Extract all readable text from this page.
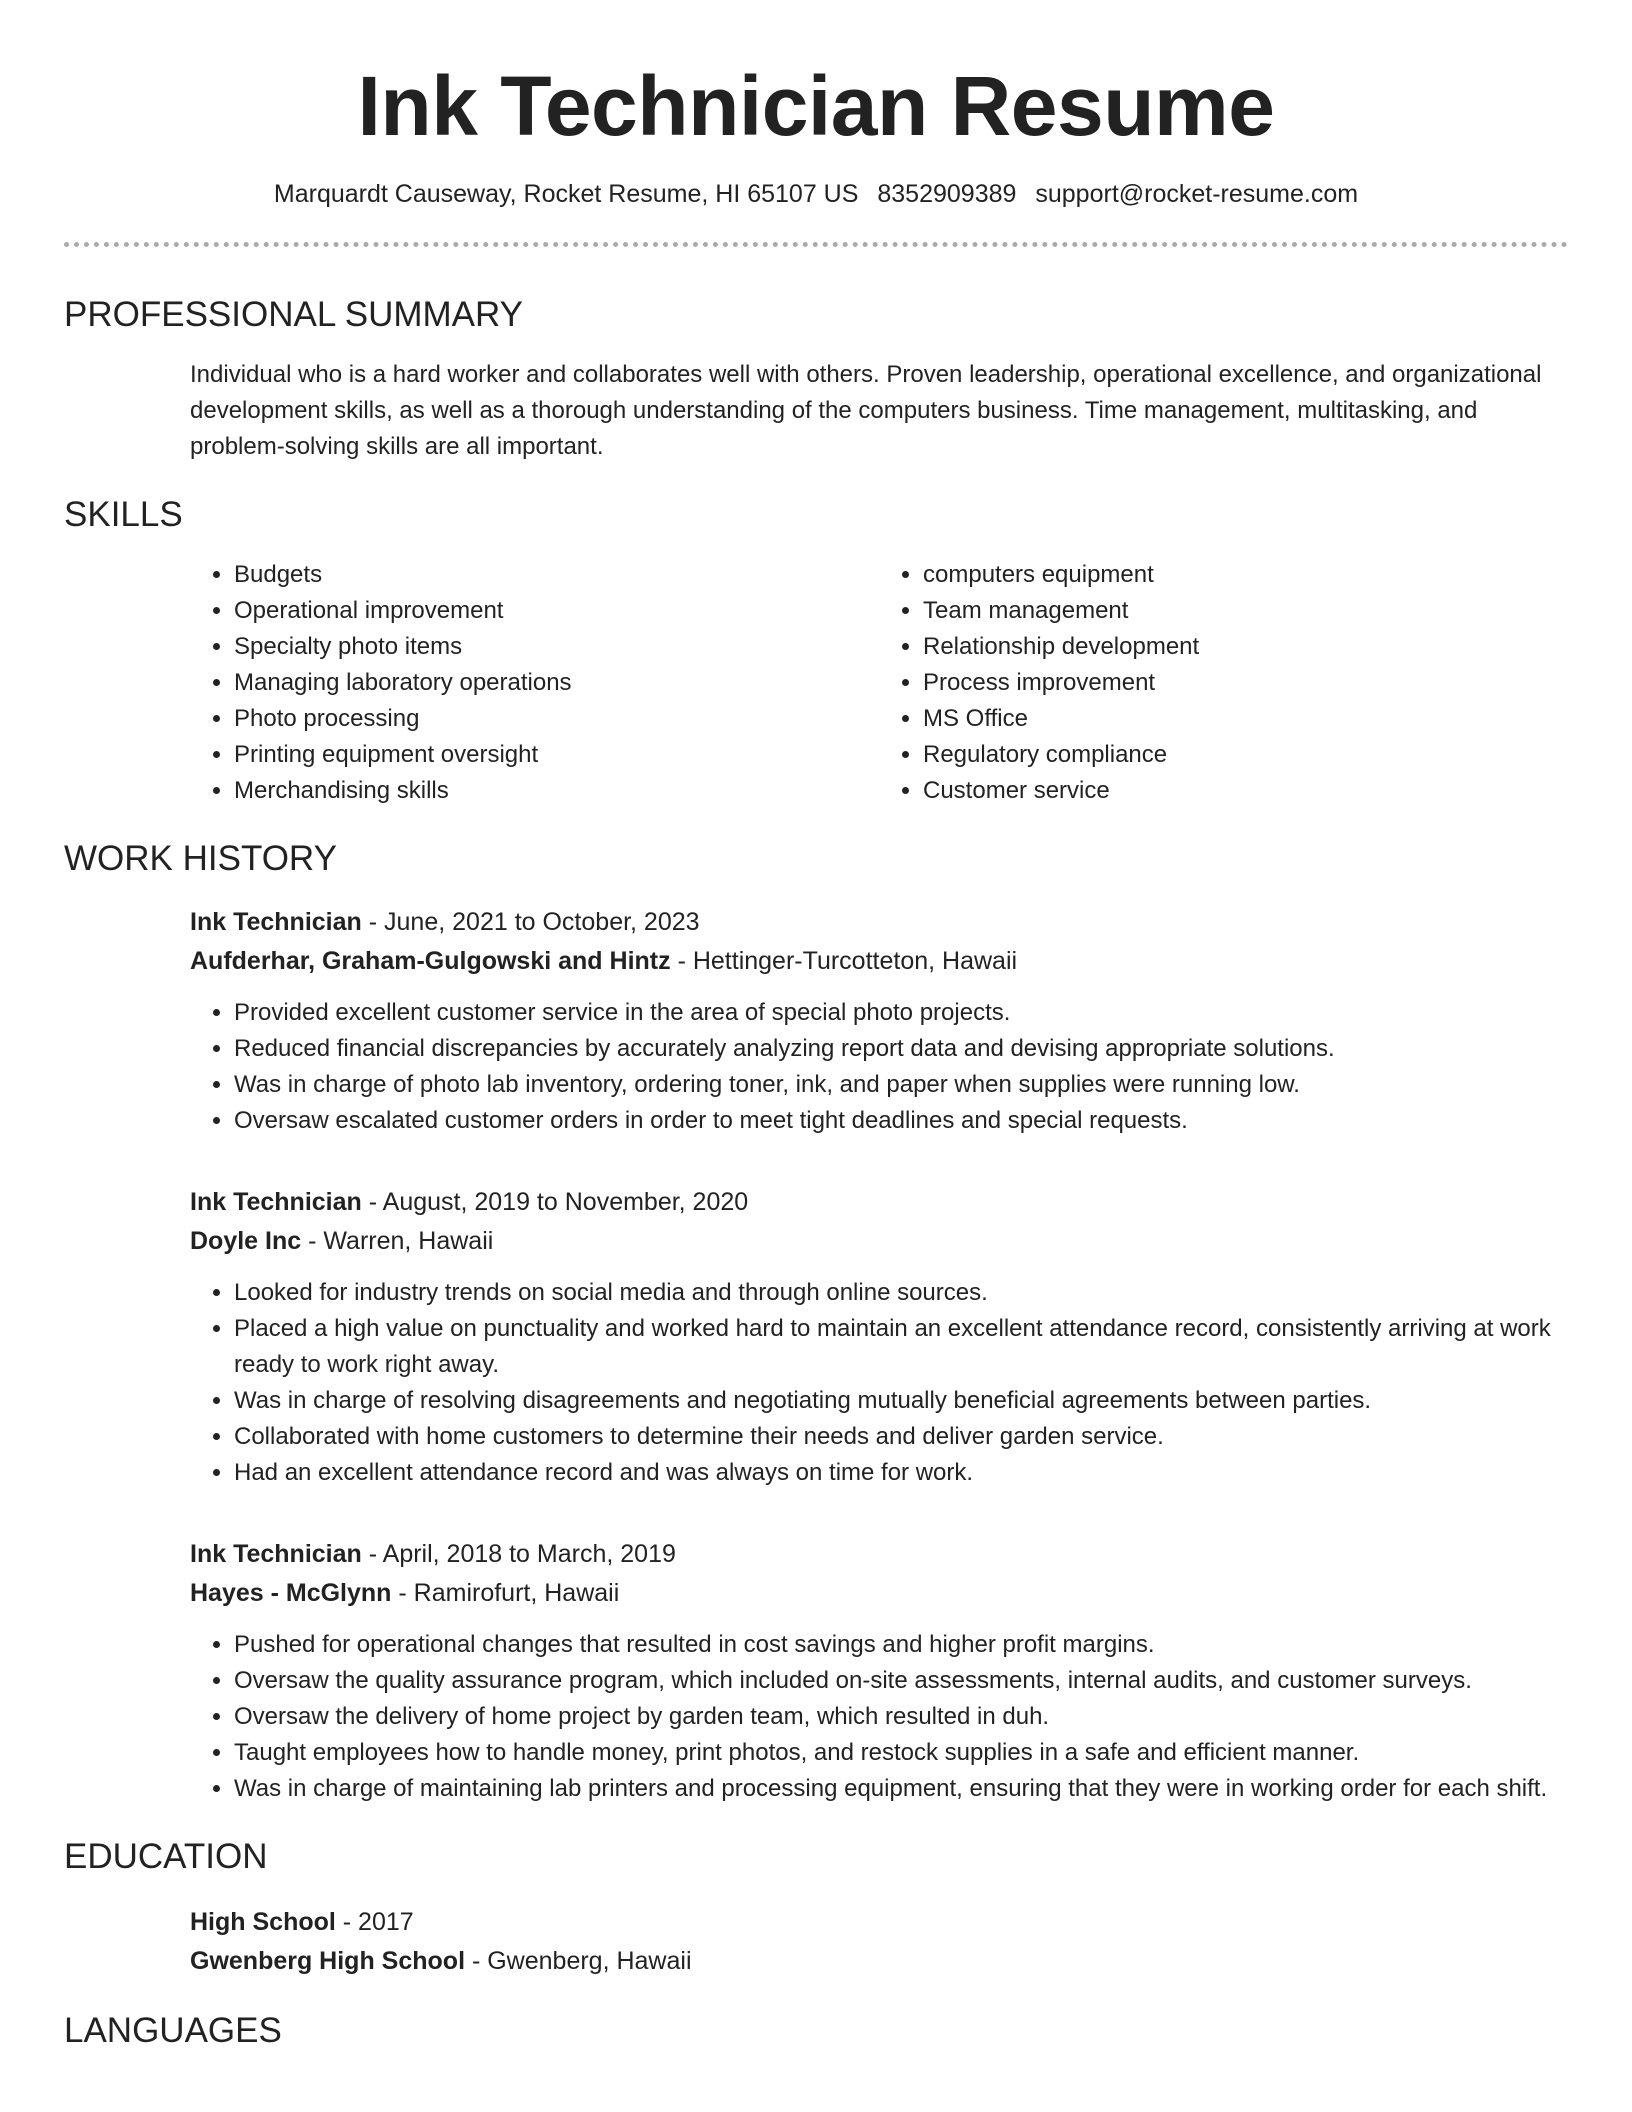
Ink Technician Resume
Marquardt Causeway, Rocket Resume, HI 65107 US 8352909389 support@rocket-resume.com
PROFESSIONAL SUMMARY

Individual who is a hard worker and collaborates well with others. Proven leadership, operational excellence, and organizational development skills, as well as a thorough understanding of the computers business. Time management, multitasking, and problem-solving skills are all important.

SKILLS
• Budgets
• Operational improvement
• Specialty photo items
• Managing laboratory operations
• Photo processing
• Printing equipment oversight
• Merchandising skills
• computers equipment
• Team management
• Relationship development
• Process improvement
• MS Office
• Regulatory compliance
• Customer service
WORK HISTORY
Ink Technician - June, 2021 to October, 2023
Aufderhar, Graham-Gulgowski and Hintz - Hettinger-Turcotteton, Hawaii
• Provided excellent customer service in the area of special photo projects.
• Reduced financial discrepancies by accurately analyzing report data and devising appropriate solutions.
• Was in charge of photo lab inventory, ordering toner, ink, and paper when supplies were running low.
• Oversaw escalated customer orders in order to meet tight deadlines and special requests.
Ink Technician - August, 2019 to November, 2020
Doyle Inc - Warren, Hawaii
• Looked for industry trends on social media and through online sources.
• Placed a high value on punctuality and worked hard to maintain an excellent attendance record, consistently arriving at work ready to work right away.
• Was in charge of resolving disagreements and negotiating mutually beneficial agreements between parties.
• Collaborated with home customers to determine their needs and deliver garden service.
• Had an excellent attendance record and was always on time for work.
Ink Technician - April, 2018 to March, 2019
Hayes - McGlynn - Ramirofurt, Hawaii
• Pushed for operational changes that resulted in cost savings and higher profit margins.
• Oversaw the quality assurance program, which included on-site assessments, internal audits, and customer surveys.
• Oversaw the delivery of home project by garden team, which resulted in duh.
• Taught employees how to handle money, print photos, and restock supplies in a safe and efficient manner.
• Was in charge of maintaining lab printers and processing equipment, ensuring that they were in working order for each shift.
EDUCATION
High School - 2017
Gwenberg High School - Gwenberg, Hawaii
LANGUAGES
